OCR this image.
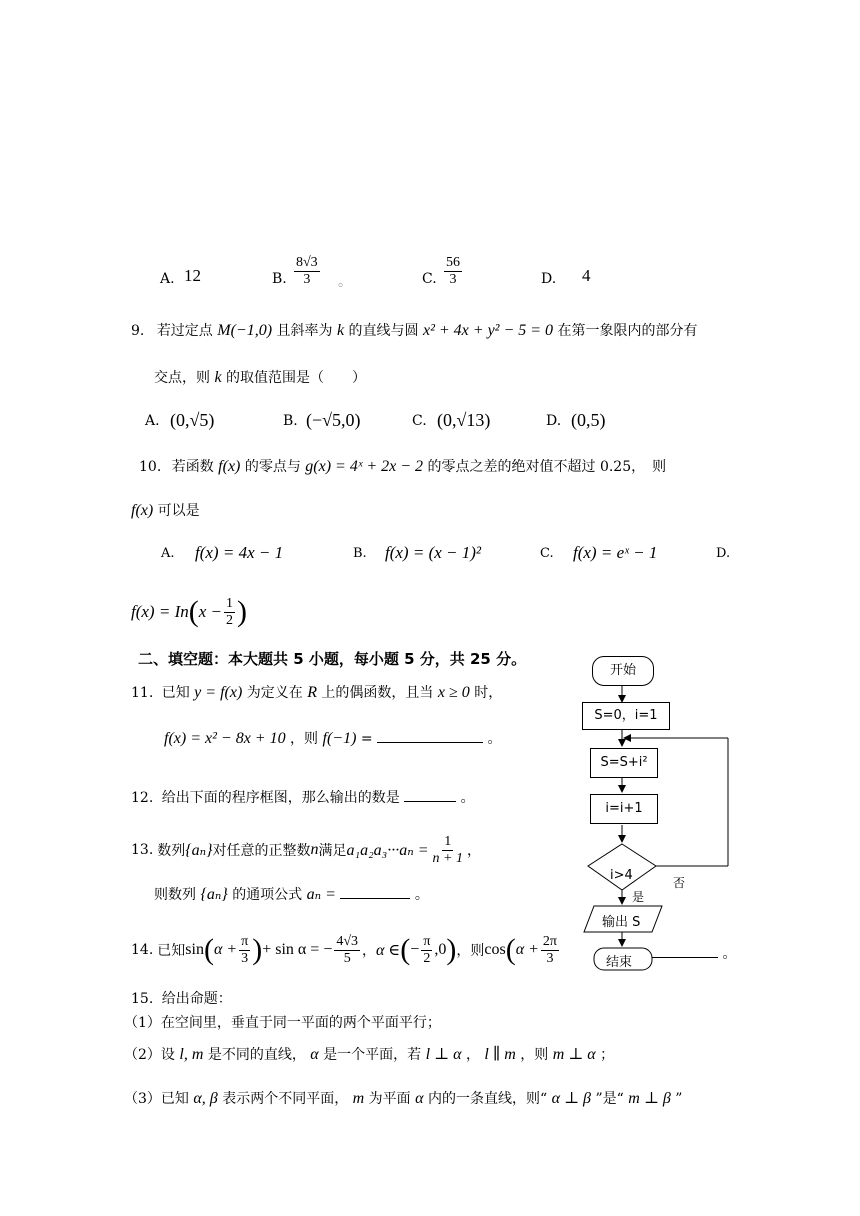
A. 12	B. $\frac{8√3}{3}$ 。	C. $\frac{56}{3}$	D. 4
9. 若过定点 M(−1,0) 且斜率为 k 的直线与圆 x² + 4x + y² − 5 = 0 在第一象限内的部分有
交点，则 k 的取值范围是（　　）
A. (0,√5)	B. (−√5,0)	C. (0,√13)	D. (0,5)
10. 若函数 f(x) 的零点与 g(x) = 4ˣ + 2x − 2 的零点之差的绝对值不超过 0.25，　则
f(x) 可以是
A. f(x) = 4x − 1	B. f(x) = (x − 1)²	C. f(x) = eˣ − 1	D.
f(x) = In ( $x - \frac{1}{2}$ )
二、填空题：本大题共 5 小题，每小题 5 分，共 25 分。
11. 已知 y = f(x) 为定义在 R 上的偶函数，且当 x ≥ 0 时，
f(x) = x² − 8x + 10 ，则 f(−1) =	。
12. 给出下面的程序框图，那么输出的数是	。
13. 数列 {aₙ} 对任意的正整数 n 满足 $a_1a_2a_3\cdot\cdot\cdot a_n = \frac{1}{n + 1}$ ，
则数列 {aₙ} 的通项公式 aₙ =	。
14. 已知 sin ( $\alpha + \frac{\pi}{3}$ ) + sin α = − $\frac{4√3}{5}$ ， α ∈ ( − $\frac{\pi}{2} ,0$ ) ，则 cos ( $\alpha + \frac{2\pi}{3}$	。
15. 给出命题：
（1）在空间里，垂直于同一平面的两个平面平行；
（2）设 l, m 是不同的直线， α 是一个平面，若 l ⊥ α ， l ∥ m ，则 m ⊥ α ；
（3）已知 α, β 表示两个不同平面， m 为平面 α 内的一条直线，则“ α ⊥ β ”是“ m ⊥ β ”
开始
S=0，i=1
S=S+i²
i=i+1
i>4
是
否
输出 S
结束
